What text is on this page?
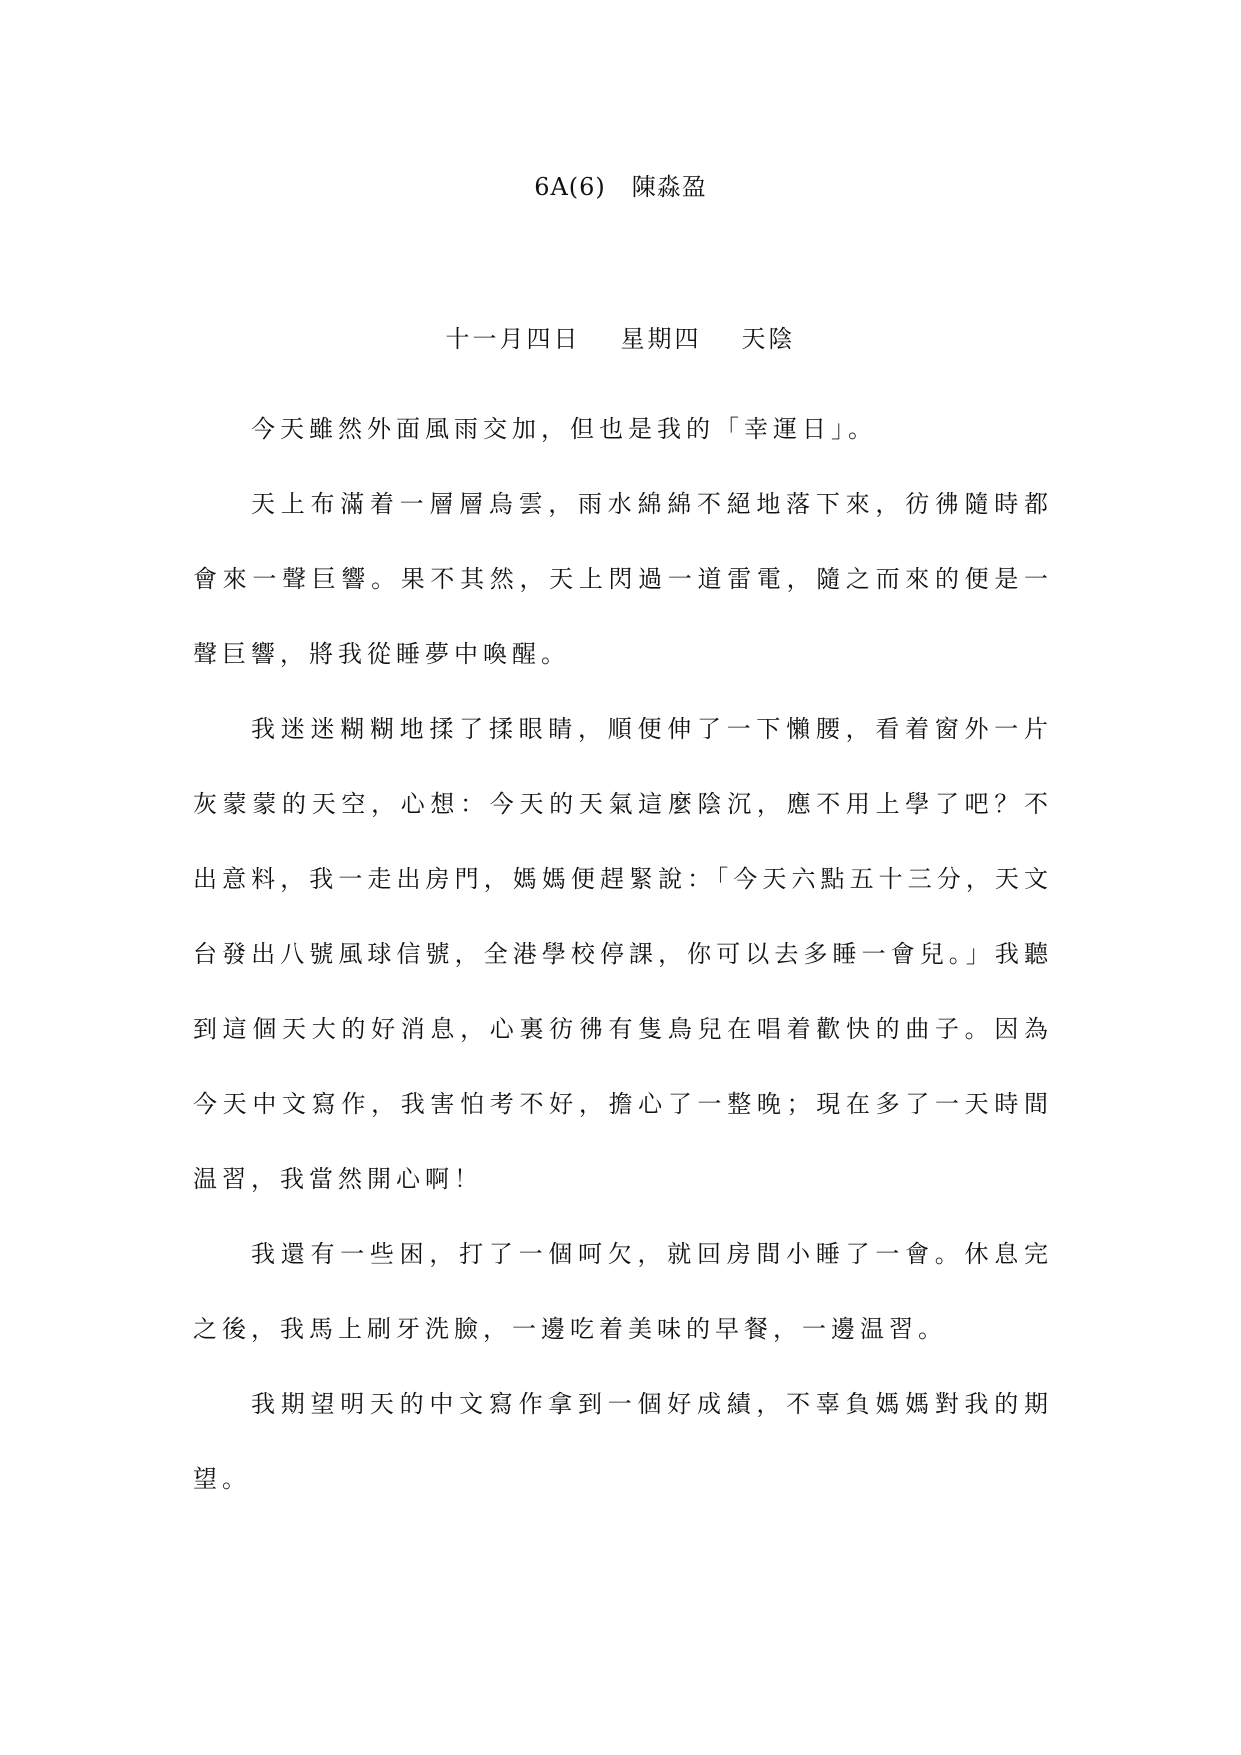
6A(6) 陳淼盈
十一月四日 星期四 天陰

今天雖然外面風雨交加，但也是我的「幸運日」。

天上布滿着一層層烏雲，雨水綿綿不絕地落下來，彷彿隨時都會來一聲巨響。果不其然，天上閃過一道雷電，隨之而來的便是一聲巨響，將我從睡夢中喚醒。

我迷迷糊糊地揉了揉眼睛，順便伸了一下懶腰，看着窗外一片灰蒙蒙的天空，心想：今天的天氣這麼陰沉，應不用上學了吧？不出意料，我一走出房門，媽媽便趕緊說：「今天六點五十三分，天文台發出八號風球信號，全港學校停課，你可以去多睡一會兒。」我聽到這個天大的好消息，心裏彷彿有隻鳥兒在唱着歡快的曲子。因為今天中文寫作，我害怕考不好，擔心了一整晚；現在多了一天時間温習，我當然開心啊！

我還有一些困，打了一個呵欠，就回房間小睡了一會。休息完之後，我馬上刷牙洗臉，一邊吃着美味的早餐，一邊温習。

我期望明天的中文寫作拿到一個好成績，不辜負媽媽對我的期望。
